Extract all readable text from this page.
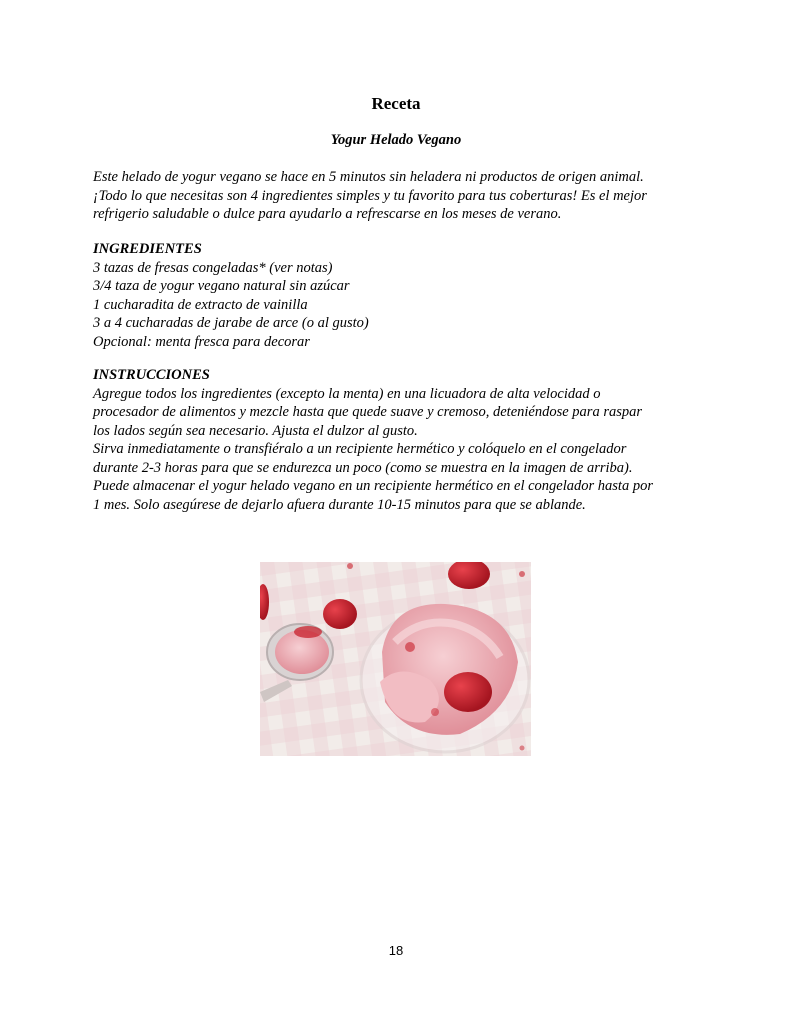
Receta
Yogur Helado Vegano
Este helado de yogur vegano se hace en 5 minutos sin heladera ni productos de origen animal.
¡Todo lo que necesitas son 4 ingredientes simples y tu favorito para tus coberturas! Es el mejor
refrigerio saludable o dulce para ayudarlo a refrescarse en los meses de verano.
INGREDIENTES
3 tazas de fresas congeladas* (ver notas)
3/4 taza de yogur vegano natural sin azúcar
1 cucharadita de extracto de vainilla
3 a 4 cucharadas de jarabe de arce (o al gusto)
Opcional: menta fresca para decorar
INSTRUCCIONES
Agregue todos los ingredientes (excepto la menta) en una licuadora de alta velocidad o
procesador de alimentos y mezcle hasta que quede suave y cremoso, deteniéndose para raspar
los lados según sea necesario. Ajusta el dulzor al gusto.
Sirva inmediatamente o transfiéralo a un recipiente hermético y colóquelo en el congelador
durante 2-3 horas para que se endurezca un poco (como se muestra en la imagen de arriba).
Puede almacenar el yogur helado vegano en un recipiente hermético en el congelador hasta por
1 mes. Solo asegúrese de dejarlo afuera durante 10-15 minutos para que se ablande.
18
